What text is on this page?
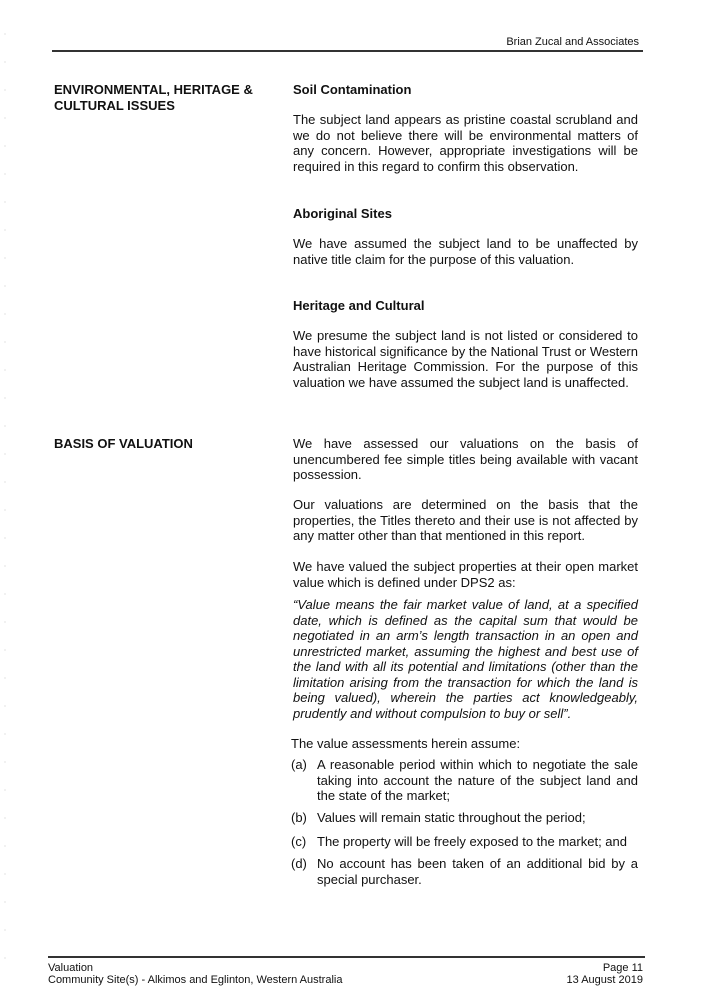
Brian Zucal and Associates
ENVIRONMENTAL, HERITAGE &
CULTURAL ISSUES
Soil Contamination
The subject land appears as pristine coastal scrubland and we do not believe there will be environmental matters of any concern. However, appropriate investigations will be required in this regard to confirm this observation.
Aboriginal Sites
We have assumed the subject land to be unaffected by native title claim for the purpose of this valuation.
Heritage and Cultural
We presume the subject land is not listed or considered to have historical significance by the National Trust or Western Australian Heritage Commission. For the purpose of this valuation we have assumed the subject land is unaffected.
BASIS OF VALUATION	We have assessed our valuations on the basis of unencumbered fee simple titles being available with vacant possession.
Our valuations are determined on the basis that the properties, the Titles thereto and their use is not affected by any matter other than that mentioned in this report.
We have valued the subject properties at their open market value which is defined under DPS2 as:
“Value means the fair market value of land, at a specified date, which is defined as the capital sum that would be negotiated in an arm’s length transaction in an open and unrestricted market, assuming the highest and best use of the land with all its potential and limitations (other than the limitation arising from the transaction for which the land is being valued), wherein the parties act knowledgeably, prudently and without compulsion to buy or sell”.
The value assessments herein assume:
(a) A reasonable period within which to negotiate the sale taking into account the nature of the subject land and the state of the market;
(b) Values will remain static throughout the period;
(c) The property will be freely exposed to the market; and
(d) No account has been taken of an additional bid by a special purchaser.
Valuation
Community Site(s) - Alkimos and Eglinton, Western Australia
Page 11
13 August 2019
